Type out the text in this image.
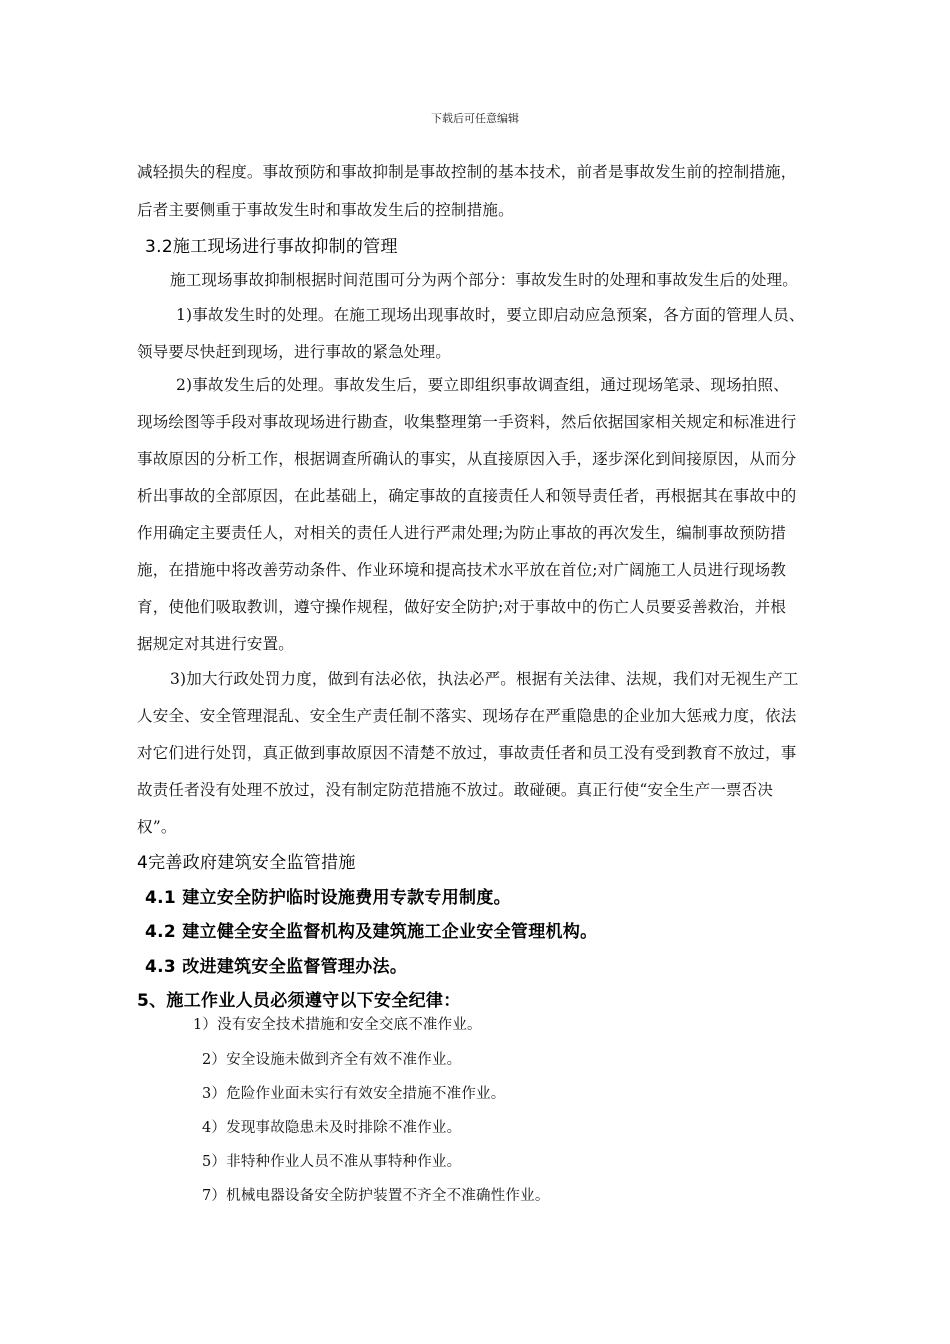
下载后可任意编辑
减轻损失的程度。事故预防和事故抑制是事故控制的基本技术，前者是事故发生前的控制措施，
后者主要侧重于事故发生时和事故发生后的控制措施。
3.2施工现场进行事故抑制的管理
施工现场事故抑制根据时间范围可分为两个部分：事故发生时的处理和事故发生后的处理。
1)事故发生时的处理。在施工现场出现事故时，要立即启动应急预案，各方面的管理人员、
领导要尽快赶到现场，进行事故的紧急处理。
2)事故发生后的处理。事故发生后，要立即组织事故调查组，通过现场笔录、现场拍照、
现场绘图等手段对事故现场进行勘查，收集整理第一手资料，然后依据国家相关规定和标准进行
事故原因的分析工作，根据调查所确认的事实，从直接原因入手，逐步深化到间接原因，从而分
析出事故的全部原因，在此基础上，确定事故的直接责任人和领导责任者，再根据其在事故中的
作用确定主要责任人，对相关的责任人进行严肃处理;为防止事故的再次发生，编制事故预防措
施，在措施中将改善劳动条件、作业环境和提高技术水平放在首位;对广阔施工人员进行现场教
育，使他们吸取教训，遵守操作规程，做好安全防护;对于事故中的伤亡人员要妥善救治，并根
据规定对其进行安置。
3)加大行政处罚力度，做到有法必依，执法必严。根据有关法律、法规，我们对无视生产工
人安全、安全管理混乱、安全生产责任制不落实、现场存在严重隐患的企业加大惩戒力度，依法
对它们进行处罚，真正做到事故原因不清楚不放过，事故责任者和员工没有受到教育不放过，事
故责任者没有处理不放过，没有制定防范措施不放过。敢碰硬。真正行使“安全生产一票否决
权”。
4完善政府建筑安全监管措施
4.1 建立安全防护临时设施费用专款专用制度。
4.2 建立健全安全监督机构及建筑施工企业安全管理机构。
4.3 改进建筑安全监督管理办法。
5、施工作业人员必须遵守以下安全纪律：
1）没有安全技术措施和安全交底不准作业。
2）安全设施未做到齐全有效不准作业。
3）危险作业面未实行有效安全措施不准作业。
4）发现事故隐患未及时排除不准作业。
5）非特种作业人员不准从事特种作业。
7）机械电器设备安全防护装置不齐全不准确性作业。
